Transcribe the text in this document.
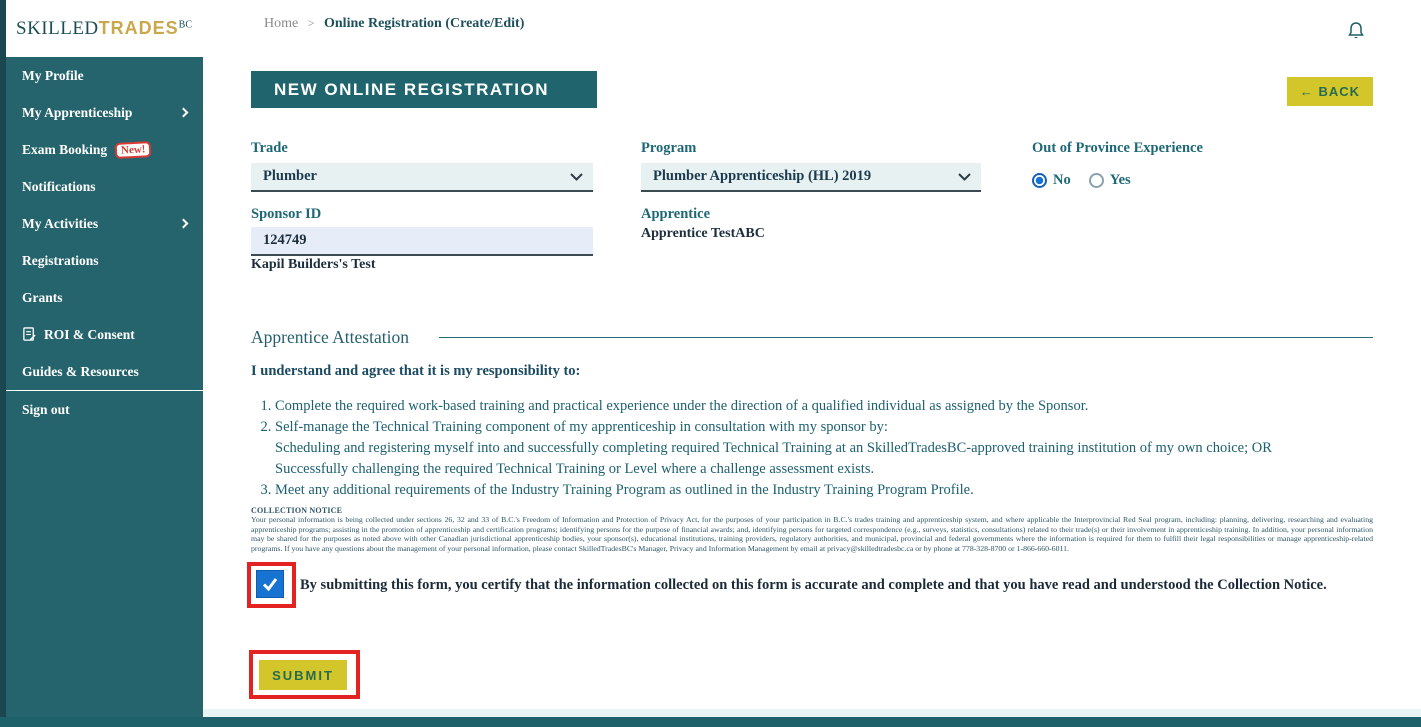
My Profile
My Apprenticeship
Exam Booking	New!
Notifications
My Activities
Registrations
Grants
ROI & Consent
Guides & Resources
Sign out
$SKILLEDTRADES^{BC}$	Home > Online Registration (Create/Edit)
NEW ONLINE REGISTRATION	← BACK
Trade
Plumber
Program
Plumber Apprenticeship (HL) 2019
Out of Province Experience
No	Yes
Sponsor ID
124749
Kapil Builders's Test
Apprentice
Apprentice TestABC
Apprentice Attestation
I understand and agree that it is my responsibility to:
1. Complete the required work-based training and practical experience under the direction of a qualified individual as assigned by the Sponsor.
2. Self-manage the Technical Training component of my apprenticeship in consultation with my sponsor by:
Scheduling and registering myself into and successfully completing required Technical Training at an SkilledTradesBC-approved training institution of my own choice; OR
Successfully challenging the required Technical Training or Level where a challenge assessment exists.
3. Meet any additional requirements of the Industry Training Program as outlined in the Industry Training Program Profile.
COLLECTION NOTICE
Your personal information is being collected under sections 26, 32 and 33 of B.C.'s Freedom of Information and Protection of Privacy Act, for the purposes of your participation in B.C.'s trades training and apprenticeship system, and where applicable the Interprovincial Red Seal program, including: planning, delivering, researching and evaluating apprenticeship programs; assisting in the promotion of apprenticeship and certification programs; identifying persons for the purpose of financial awards; and, identifying persons for targeted correspondence (e.g., surveys, statistics, consultations) related to their trade(s) or their involvement in apprenticeship training. In addition, your personal information may be shared for the purposes as noted above with other Canadian jurisdictional apprenticeship bodies, your sponsor(s), educational institutions, training providers, regulatory authorities, and municipal, provincial and federal governments where the information is required for them to fulfill their legal responsibilities or manage apprenticeship-related programs. If you have any questions about the management of your personal information, please contact SkilledTradesBC's Manager, Privacy and Information Management by email at privacy@skilledtradesbc.ca or by phone at 778-328-8700 or 1-866-660-6011.
By submitting this form, you certify that the information collected on this form is accurate and complete and that you have read and understood the Collection Notice.
SUBMIT
